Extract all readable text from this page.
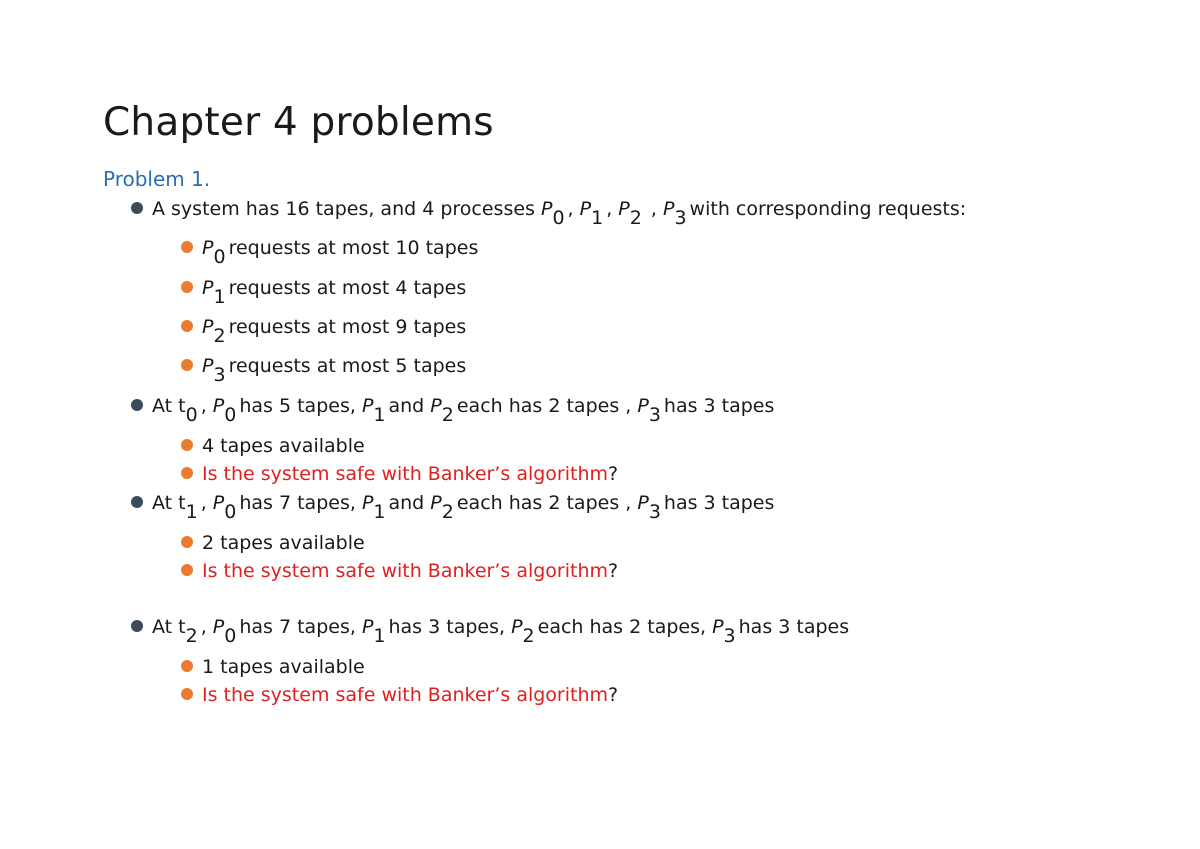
Chapter 4 problems
Problem 1.
A system has 16 tapes, and 4 processes P0 , P1 , P2 , P3 with corresponding requests:
P0 requests at most 10 tapes
P1 requests at most 4 tapes
P2 requests at most 9 tapes
P3 requests at most 5 tapes
At t0 , P0 has 5 tapes, P1 and P2 each has 2 tapes , P3 has 3 tapes
4 tapes available
Is the system safe with Banker’s algorithm?
At t1 , P0 has 7 tapes, P1 and P2 each has 2 tapes , P3 has 3 tapes
2 tapes available
Is the system safe with Banker’s algorithm?
At t2 , P0 has 7 tapes, P1 has 3 tapes, P2 each has 2 tapes, P3 has 3 tapes
1 tapes available
Is the system safe with Banker’s algorithm?
